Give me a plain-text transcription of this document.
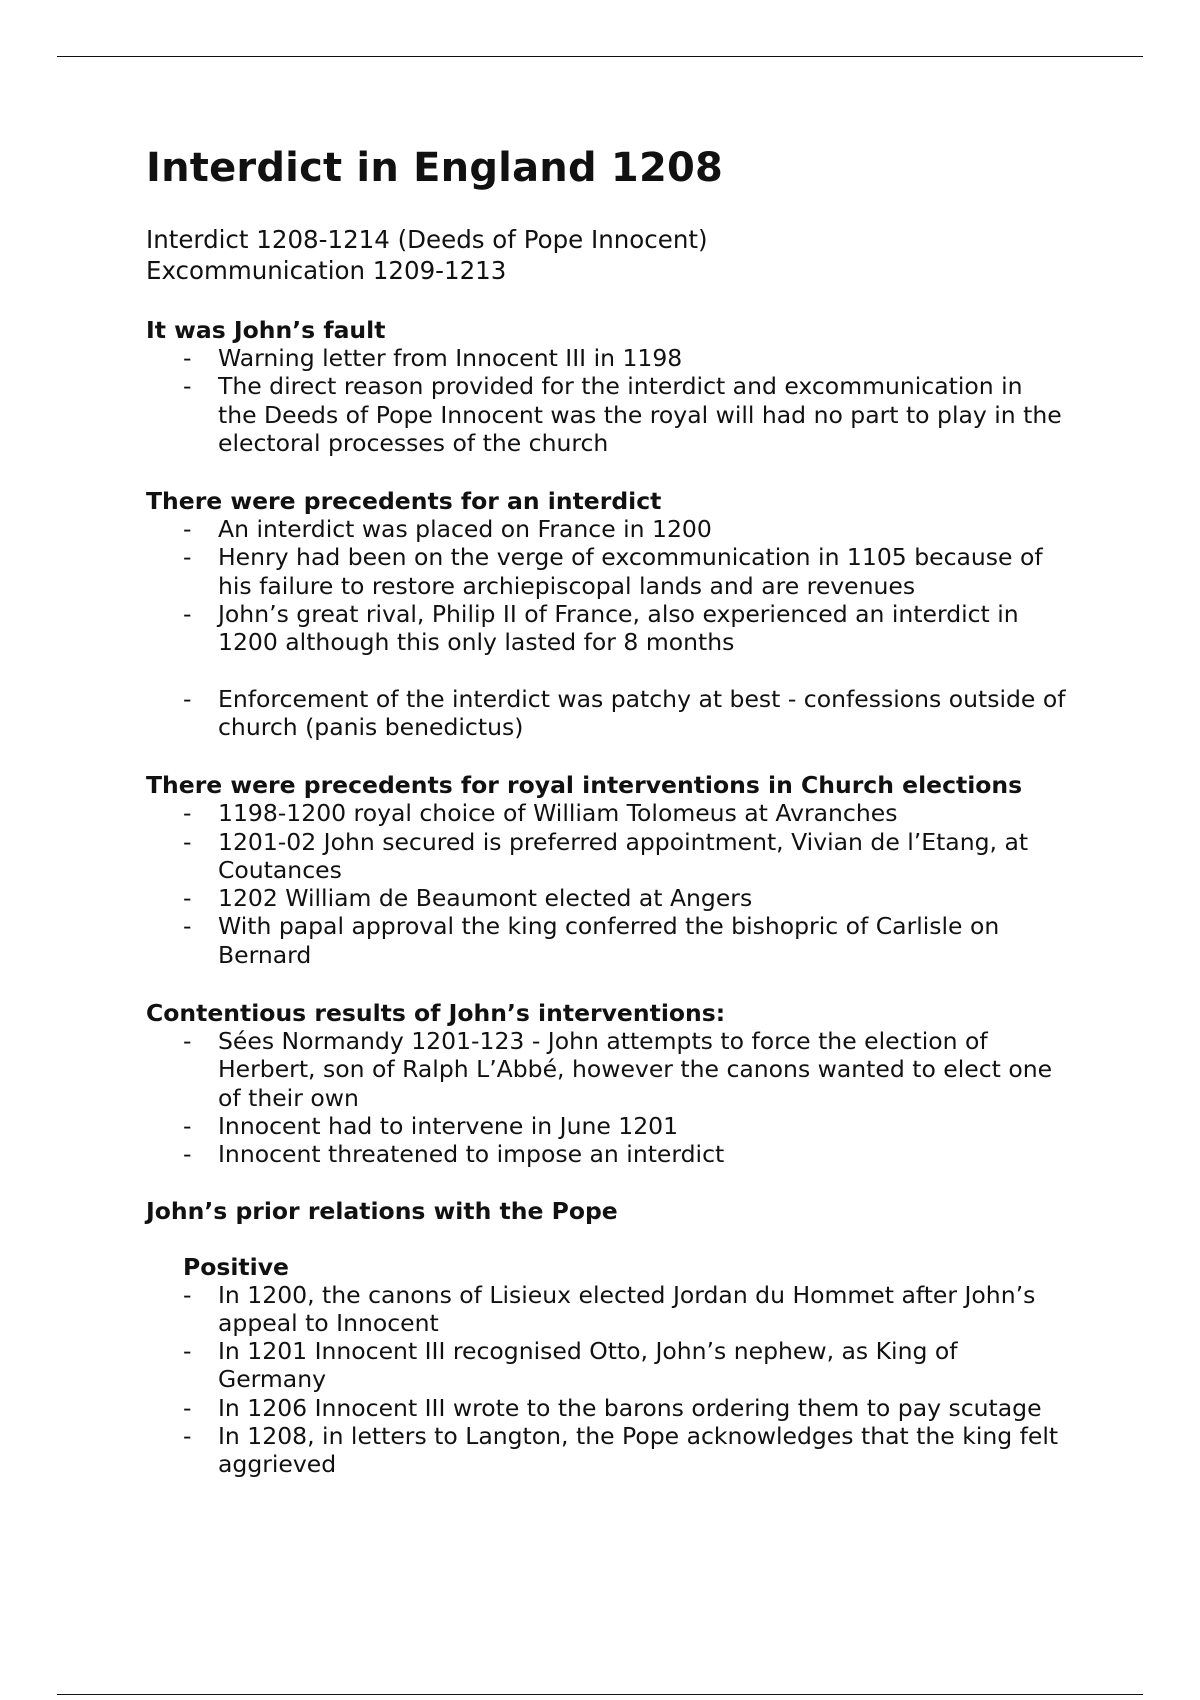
Interdict in England 1208
Interdict 1208-1214 (Deeds of Pope Innocent)
Excommunication 1209-1213
It was John’s fault
- Warning letter from Innocent III in 1198
- The direct reason provided for the interdict and excommunication in the Deeds of Pope Innocent was the royal will had no part to play in the electoral processes of the church
There were precedents for an interdict
- An interdict was placed on France in 1200
- Henry had been on the verge of excommunication in 1105 because of his failure to restore archiepiscopal lands and are revenues
- John’s great rival, Philip II of France, also experienced an interdict in 1200 although this only lasted for 8 months
- Enforcement of the interdict was patchy at best - confessions outside of church (panis benedictus)
There were precedents for royal interventions in Church elections
- 1198-1200 royal choice of William Tolomeus at Avranches
- 1201-02 John secured is preferred appointment, Vivian de l’Etang, at Coutances
- 1202 William de Beaumont elected at Angers
- With papal approval the king conferred the bishopric of Carlisle on Bernard
Contentious results of John’s interventions:
- Sées Normandy 1201-123 - John attempts to force the election of Herbert, son of Ralph L’Abbé, however the canons wanted to elect one of their own
- Innocent had to intervene in June 1201
- Innocent threatened to impose an interdict
John’s prior relations with the Pope
Positive
- In 1200, the canons of Lisieux elected Jordan du Hommet after John’s appeal to Innocent
- In 1201 Innocent III recognised Otto, John’s nephew, as King of Germany
- In 1206 Innocent III wrote to the barons ordering them to pay scutage
- In 1208, in letters to Langton, the Pope acknowledges that the king felt aggrieved
